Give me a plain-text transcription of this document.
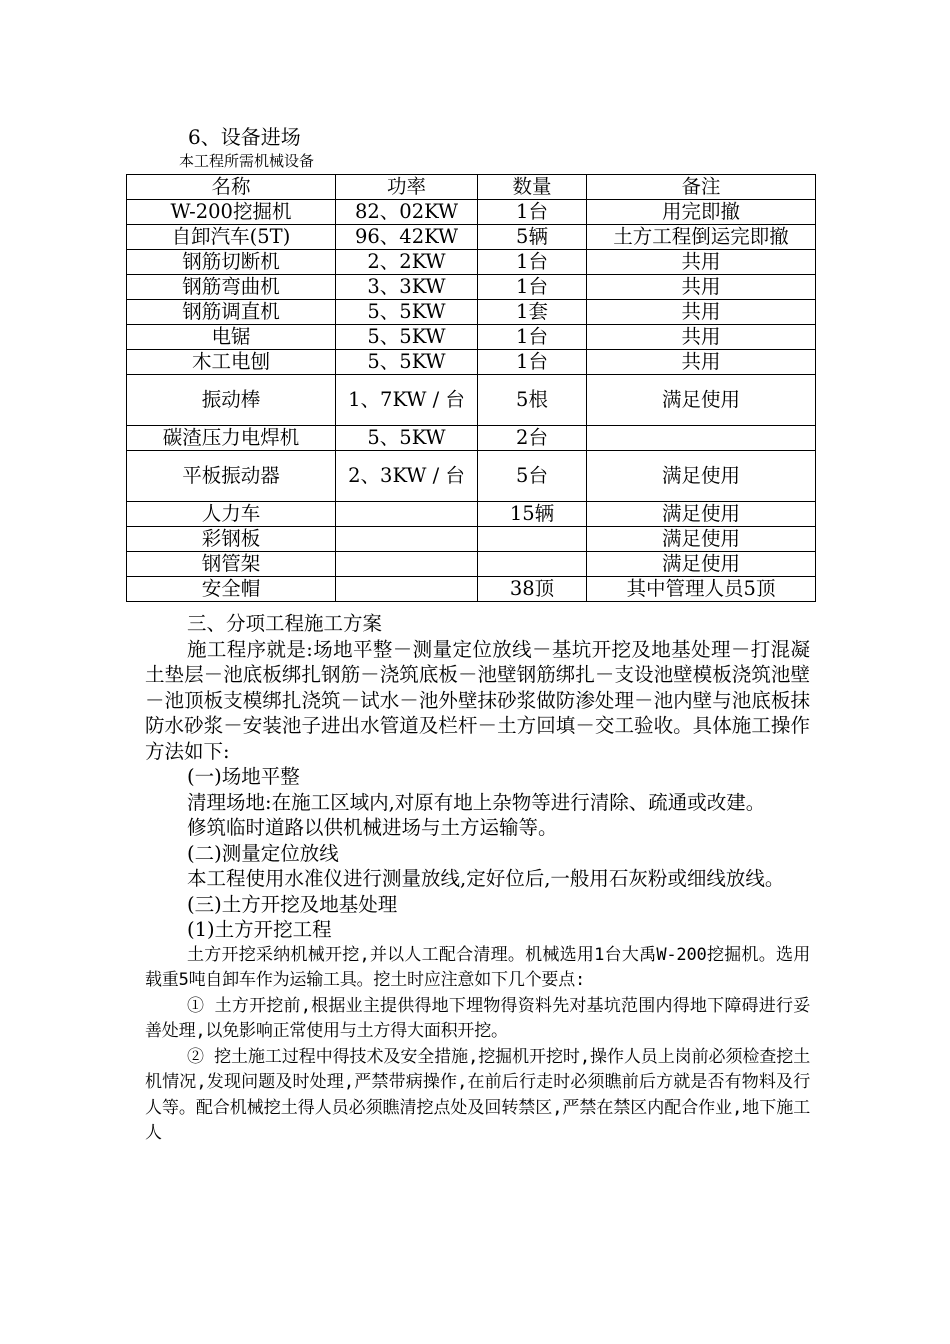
6、设备进场
本工程所需机械设备
名称	功率	数量	备注
W-200挖掘机	82、02KW	1台	用完即撤
自卸汽车(5T)	96、42KW	5辆	土方工程倒运完即撤
钢筋切断机	2、2KW	1台	共用
钢筋弯曲机	3、3KW	1台	共用
钢筋调直机	5、5KW	1套	共用
电锯	5、5KW	1台	共用
木工电刨	5、5KW	1台	共用
振动棒	1、7KW / 台	5根	满足使用
碳渣压力电焊机	5、5KW	2台	
平板振动器	2、3KW / 台	5台	满足使用
人力车		15辆	满足使用
彩钢板			满足使用
钢管架			满足使用
安全帽		38顶	其中管理人员5顶

三、分项工程施工方案

施工程序就是:场地平整－测量定位放线－基坑开挖及地基处理－打混凝土垫层－池底板绑扎钢筋－浇筑底板－池壁钢筋绑扎－支设池壁模板浇筑池壁－池顶板支模绑扎浇筑－试水－池外壁抹砂浆做防渗处理－池内壁与池底板抹防水砂浆－安装池子进出水管道及栏杆－土方回填－交工验收。具体施工操作方法如下:

(一)场地平整

清理场地:在施工区域内,对原有地上杂物等进行清除、疏通或改建。

修筑临时道路以供机械进场与土方运输等。

(二)测量定位放线

本工程使用水准仪进行测量放线,定好位后,一般用石灰粉或细线放线。

(三)土方开挖及地基处理

(1)土方开挖工程

土方开挖采纳机械开挖,并以人工配合清理。机械选用1台大禹W-200挖掘机。选用载重5吨自卸车作为运输工具。挖土时应注意如下几个要点:

① 土方开挖前,根据业主提供得地下埋物得资料先对基坑范围内得地下障碍进行妥善处理,以免影响正常使用与土方得大面积开挖。

② 挖土施工过程中得技术及安全措施,挖掘机开挖时,操作人员上岗前必须检查挖土机情况,发现问题及时处理,严禁带病操作,在前后行走时必须瞧前后方就是否有物料及行人等。配合机械挖土得人员必须瞧清挖点处及回转禁区,严禁在禁区内配合作业,地下施工人
